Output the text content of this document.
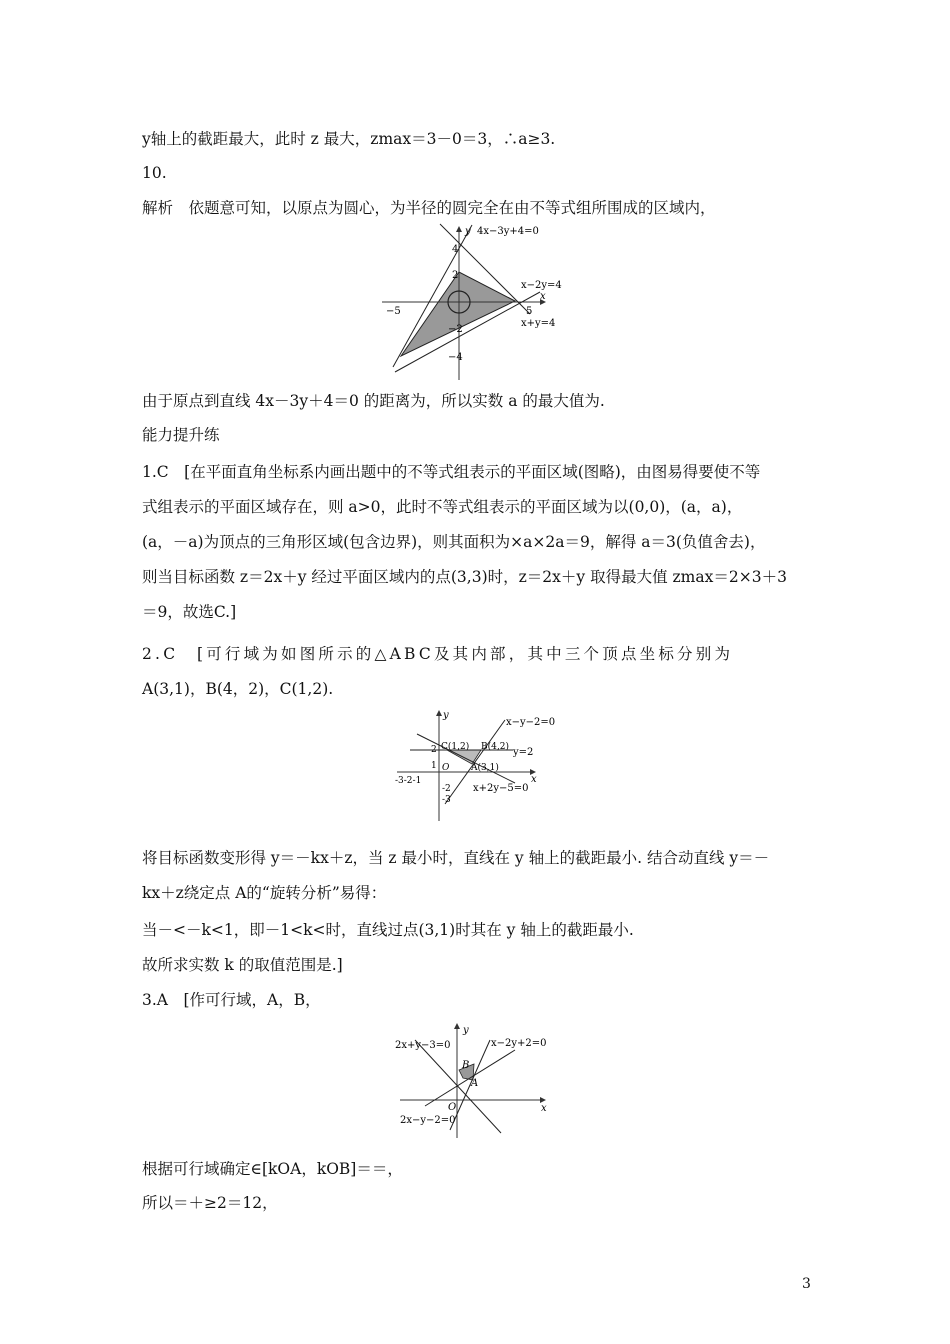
y轴上的截距最大，此时 z 最大，zmax＝3－0＝3，∴a≥3.
10.
解析　依题意可知，以原点为圆心，为半径的圆完全在由不等式组所围成的区域内，
4x−3y+4=0
x−2y=4
x+y=4
x
y
4
2
−2
−4
−5	5
由于原点到直线 4x－3y＋4＝0 的距离为，所以实数 a 的最大值为.
能力提升练
1.C　[在平面直角坐标系内画出题中的不等式组表示的平面区域(图略)，由图易得要使不等
式组表示的平面区域存在，则 a>0，此时不等式组表示的平面区域为以(0,0)，(a，a)，
(a，－a)为顶点的三角形区域(包含边界)，则其面积为×a×2a＝9，解得 a＝3(负值舍去)，
则当目标函数 z＝2x＋y 经过平面区域内的点(3,3)时，z＝2x＋y 取得最大值 zmax＝2×3＋3
＝9，故选C.]
2.C　[可行域为如图所示的△ABC及其内部，其中三个顶点坐标分别为
A(3,1)，B(4，2)，C(1,2).
x−y−2=0
y=2
x+2y−5=0
C(1,2) B(4,2)
A(3,1)
O
x
y
2
1
-3-2-1
-2
-3
将目标函数变形得 y＝－kx＋z，当 z 最小时，直线在 y 轴上的截距最小. 结合动直线 y＝－
kx＋z绕定点 A的“旋转分析”易得：
当－<－k<1，即－1<k<时，直线过点(3,1)时其在 y 轴上的截距最小.
故所求实数 k 的取值范围是.]
3.A　[作可行域，A，B，
2x+y−3=0	x−2y+2=0
2x−y−2=0
B
A
O	x
y
根据可行域确定∈[kOA，kOB]＝＝，
所以＝＋≥2＝12，
3
